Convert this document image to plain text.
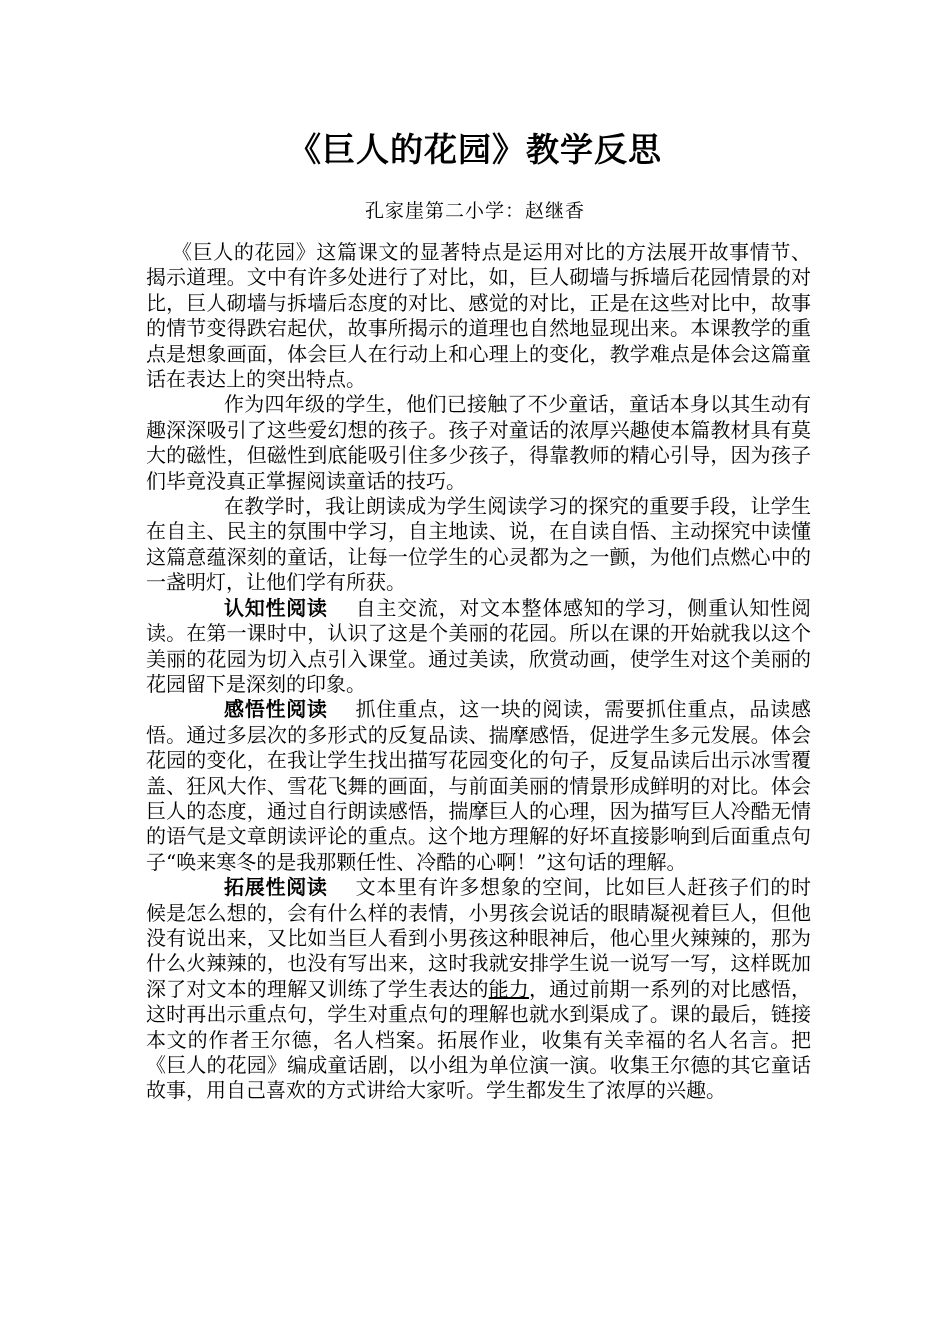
《巨人的花园》教学反思
孔家崖第二小学：赵继香

《巨人的花园》这篇课文的显著特点是运用对比的方法展开故事情节、揭示道理。文中有许多处进行了对比，如，巨人砌墙与拆墙后花园情景的对比，巨人砌墙与拆墙后态度的对比、感觉的对比，正是在这些对比中，故事的情节变得跌宕起伏，故事所揭示的道理也自然地显现出来。本课教学的重点是想象画面，体会巨人在行动上和心理上的变化，教学难点是体会这篇童话在表达上的突出特点。

作为四年级的学生，他们已接触了不少童话，童话本身以其生动有趣深深吸引了这些爱幻想的孩子。孩子对童话的浓厚兴趣使本篇教材具有莫大的磁性，但磁性到底能吸引住多少孩子，得靠教师的精心引导，因为孩子们毕竟没真正掌握阅读童话的技巧。

在教学时，我让朗读成为学生阅读学习的探究的重要手段，让学生在自主、民主的氛围中学习，自主地读、说，在自读自悟、主动探究中读懂这篇意蕴深刻的童话，让每一位学生的心灵都为之一颤，为他们点燃心中的一盏明灯，让他们学有所获。

认知性阅读 自主交流，对文本整体感知的学习，侧重认知性阅读。在第一课时中，认识了这是个美丽的花园。所以在课的开始就我以这个美丽的花园为切入点引入课堂。通过美读，欣赏动画，使学生对这个美丽的花园留下是深刻的印象。

感悟性阅读 抓住重点，这一块的阅读，需要抓住重点，品读感悟。通过多层次的多形式的反复品读、揣摩感悟，促进学生多元发展。体会花园的变化，在我让学生找出描写花园变化的句子，反复品读后出示冰雪覆盖、狂风大作、雪花飞舞的画面，与前面美丽的情景形成鲜明的对比。体会巨人的态度，通过自行朗读感悟，揣摩巨人的心理，因为描写巨人冷酷无情的语气是文章朗读评论的重点。这个地方理解的好坏直接影响到后面重点句子“唤来寒冬的是我那颗任性、冷酷的心啊！”这句话的理解。

拓展性阅读 文本里有许多想象的空间，比如巨人赶孩子们的时候是怎么想的，会有什么样的表情，小男孩会说话的眼睛凝视着巨人，但他没有说出来，又比如当巨人看到小男孩这种眼神后，他心里火辣辣的，那为什么火辣辣的，也没有写出来，这时我就安排学生说一说写一写，这样既加深了对文本的理解又训练了学生表达的能力，通过前期一系列的对比感悟，这时再出示重点句，学生对重点句的理解也就水到渠成了。课的最后，链接本文的作者王尔德，名人档案。拓展作业，收集有关幸福的名人名言。把《巨人的花园》编成童话剧，以小组为单位演一演。收集王尔德的其它童话故事，用自己喜欢的方式讲给大家听。学生都发生了浓厚的兴趣。
